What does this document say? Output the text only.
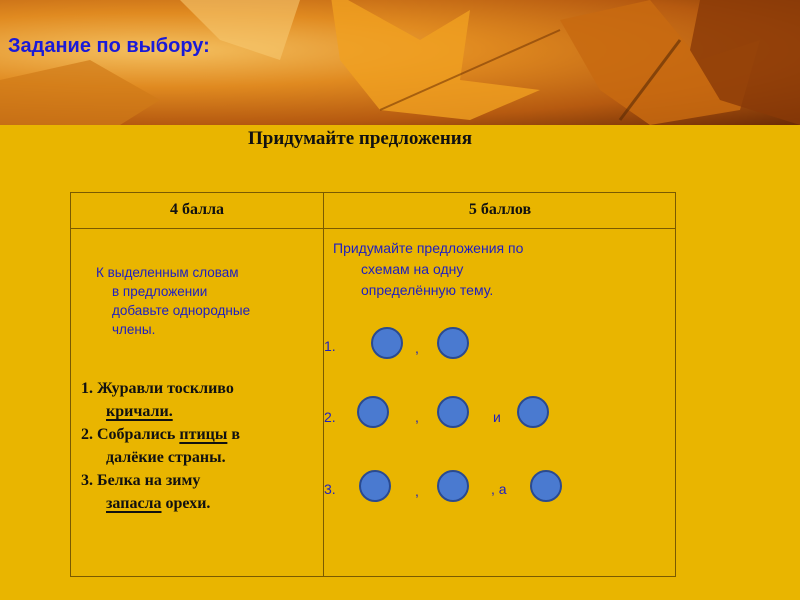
Задание по выбору:
Придумайте предложения
4 балла	5 баллов
К выделенным словам
в предложении
добавьте однородные
члены.
1. Журавли тоскливо
кричали.
2. Собрались птицы в
далёкие страны.
3. Белка на зиму
запасла орехи.
Придумайте предложения по
схемам на одну
определённую тему.
1.	,
2.	,	и
3.	,	, а
